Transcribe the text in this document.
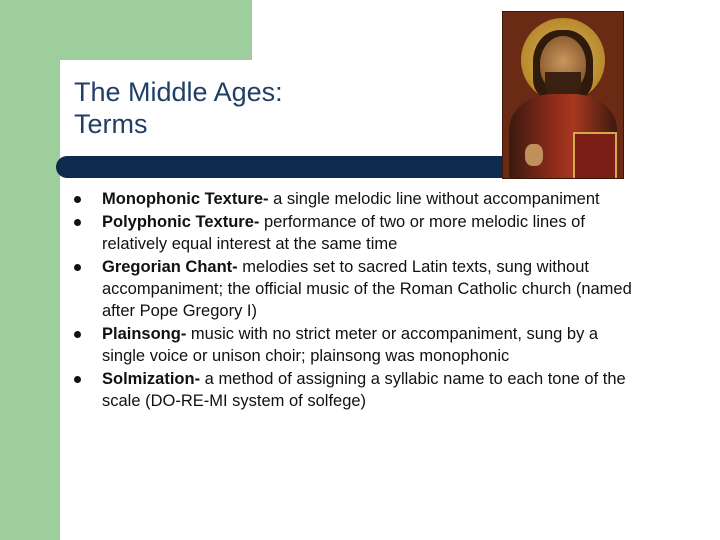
The Middle Ages:
Terms
Monophonic Texture- a single melodic line without accompaniment
Polyphonic Texture- performance of two or more melodic lines of relatively equal interest at the same time
Gregorian Chant- melodies set to sacred Latin texts, sung without accompaniment; the official music of the Roman Catholic church (named after Pope Gregory I)
Plainsong- music with no strict meter or accompaniment, sung by a single voice or unison choir; plainsong was monophonic
Solmization- a method of assigning a syllabic name to each tone of the scale (DO-RE-MI system of solfege)
